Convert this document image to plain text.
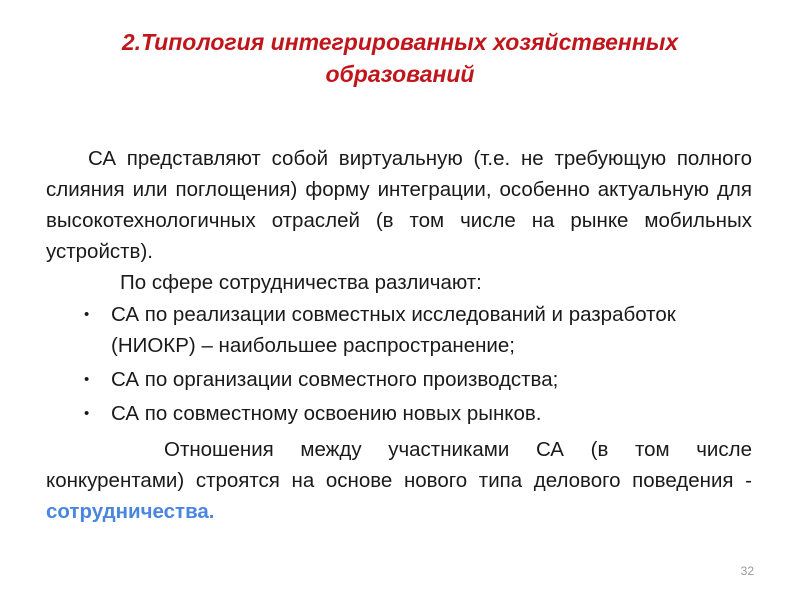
2.Типология интегрированных хозяйственных образований
СА представляют собой виртуальную (т.е. не требующую полного слияния или поглощения) форму интеграции, особенно актуальную для высокотехнологичных отраслей (в том числе на рынке мобильных устройств).
По сфере сотрудничества различают:
• СА по реализации совместных исследований и разработок (НИОКР) – наибольшее распространение;
• СА по организации совместного производства;
• СА по совместному освоению новых рынков.
Отношения между участниками СА (в том числе конкурентами) строятся на основе нового типа делового поведения - сотрудничества.
32
